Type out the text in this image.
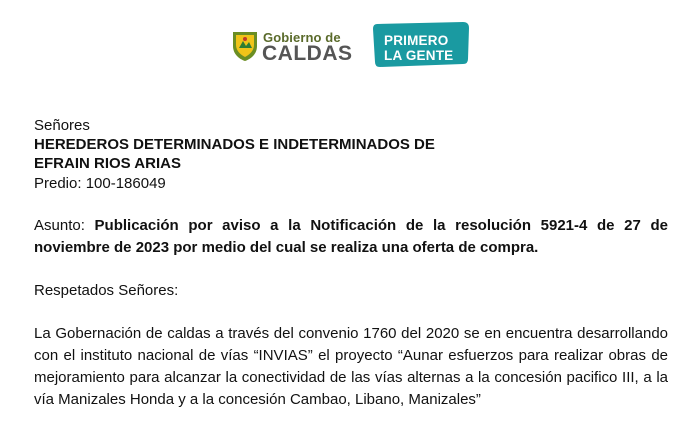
Gobierno de
CALDAS
PRIMERO
LA GENTE
Señores
HEREDEROS DETERMINADOS E INDETERMINADOS DE
EFRAIN RIOS ARIAS
Predio: 100-186049
Asunto: Publicación por aviso a la Notificación de la resolución 5921-4 de 27 de noviembre de 2023 por medio del cual se realiza una oferta de compra.
Respetados Señores:
La Gobernación de caldas a través del convenio 1760 del 2020 se en encuentra desarrollando con el instituto nacional de vías “INVIAS” el proyecto “Aunar esfuerzos para realizar obras de mejoramiento para alcanzar la conectividad de las vías alternas a la concesión pacifico III, a la vía Manizales Honda y a la concesión Cambao, Libano, Manizales”
